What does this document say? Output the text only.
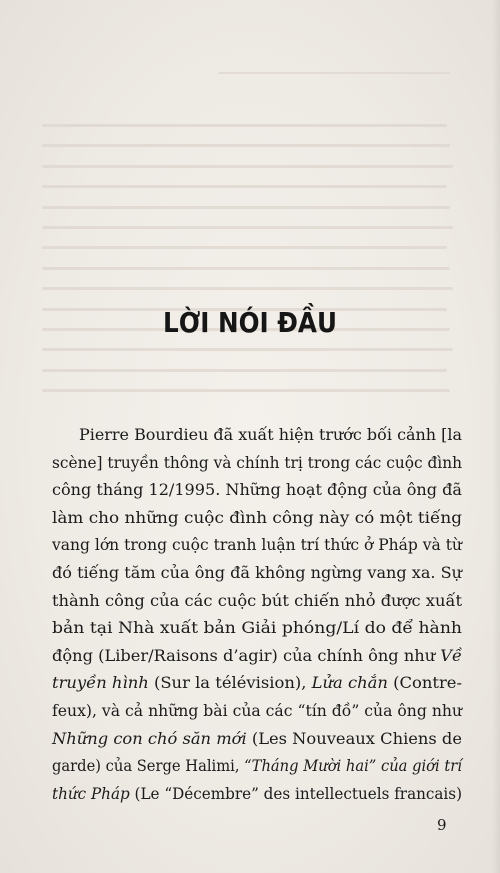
LỜI NÓI ĐẦU
Pierre Bourdieu đã xuất hiện trước bối cảnh [la
scène] truyền thông và chính trị trong các cuộc đình
công tháng 12/1995. Những hoạt động của ông đã
làm cho những cuộc đình công này có một tiếng
vang lớn trong cuộc tranh luận trí thức ở Pháp và từ
đó tiếng tăm của ông đã không ngừng vang xa. Sự
thành công của các cuộc bút chiến nhỏ được xuất
bản tại Nhà xuất bản Giải phóng/Lí do để hành
động (Liber/Raisons d’agir) của chính ông như Về
truyền hình (Sur la télévision), Lửa chắn (Contre-
feux), và cả những bài của các “tín đồ” của ông như
Những con chó săn mới (Les Nouveaux Chiens de
garde) của Serge Halimi, “Tháng Mười hai” của giới trí
thức Pháp (Le “Décembre” des intellectuels francais)
9
